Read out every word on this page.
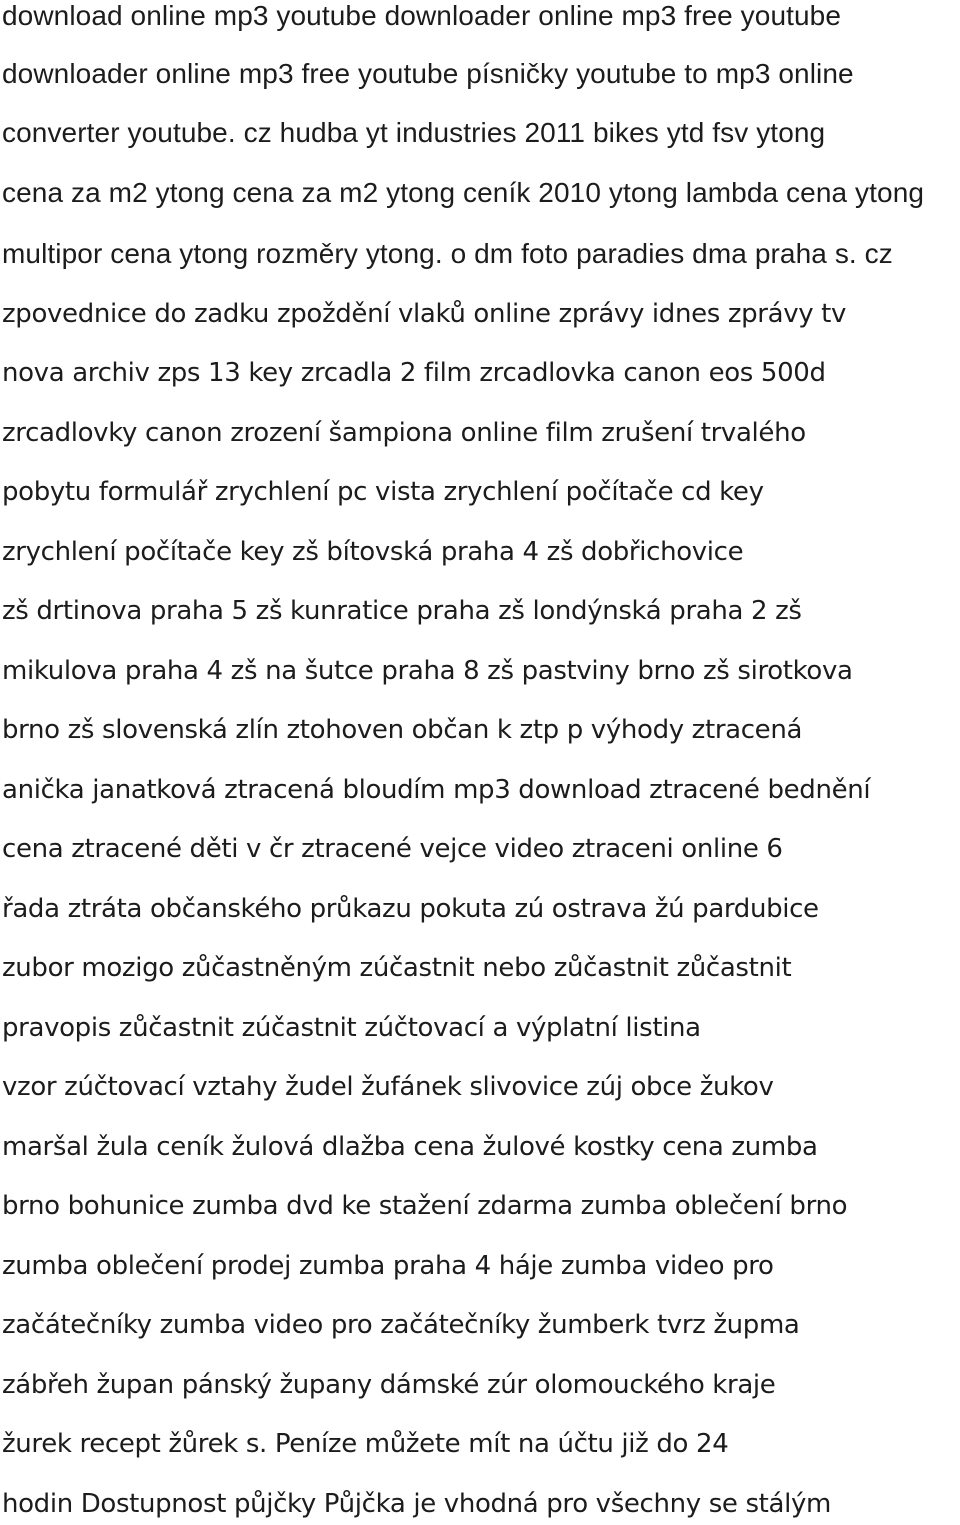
download online mp3 youtube downloader online mp3 free youtube
downloader online mp3 free youtube písničky youtube to mp3 online
converter youtube. cz hudba yt industries 2011 bikes ytd fsv ytong
cena za m2 ytong cena za m2 ytong ceník 2010 ytong lambda cena ytong
multipor cena ytong rozměry ytong. o dm foto paradies dma praha s. cz
zpovednice do zadku zpoždění vlaků online zprávy idnes zprávy tv
nova archiv zps 13 key zrcadla 2 film zrcadlovka canon eos 500d
zrcadlovky canon zrození šampiona online film zrušení trvalého
pobytu formulář zrychlení pc vista zrychlení počítače cd key
zrychlení počítače key zš bítovská praha 4 zš dobřichovice
zš drtinova praha 5 zš kunratice praha zš londýnská praha 2 zš
mikulova praha 4 zš na šutce praha 8 zš pastviny brno zš sirotkova
brno zš slovenská zlín ztohoven občan k ztp p výhody ztracená
anička janatková ztracená bloudím mp3 download ztracené bednění
cena ztracené děti v čr ztracené vejce video ztraceni online 6
řada ztráta občanského průkazu pokuta zú ostrava žú pardubice
zubor mozigo zůčastněným zúčastnit nebo zůčastnit zůčastnit
pravopis zůčastnit zúčastnit zúčtovací a výplatní listina
vzor zúčtovací vztahy žudel žufánek slivovice zúj obce žukov
maršal žula ceník žulová dlažba cena žulové kostky cena zumba
brno bohunice zumba dvd ke stažení zdarma zumba oblečení brno
zumba oblečení prodej zumba praha 4 háje zumba video pro
začátečníky zumba video pro začátečníky žumberk tvrz župma
zábřeh župan pánský župany dámské zúr olomouckého kraje
žurek recept žůrek s. Peníze můžete mít na účtu již do 24
hodin Dostupnost půjčky Půjčka je vhodná pro všechny se stálým
